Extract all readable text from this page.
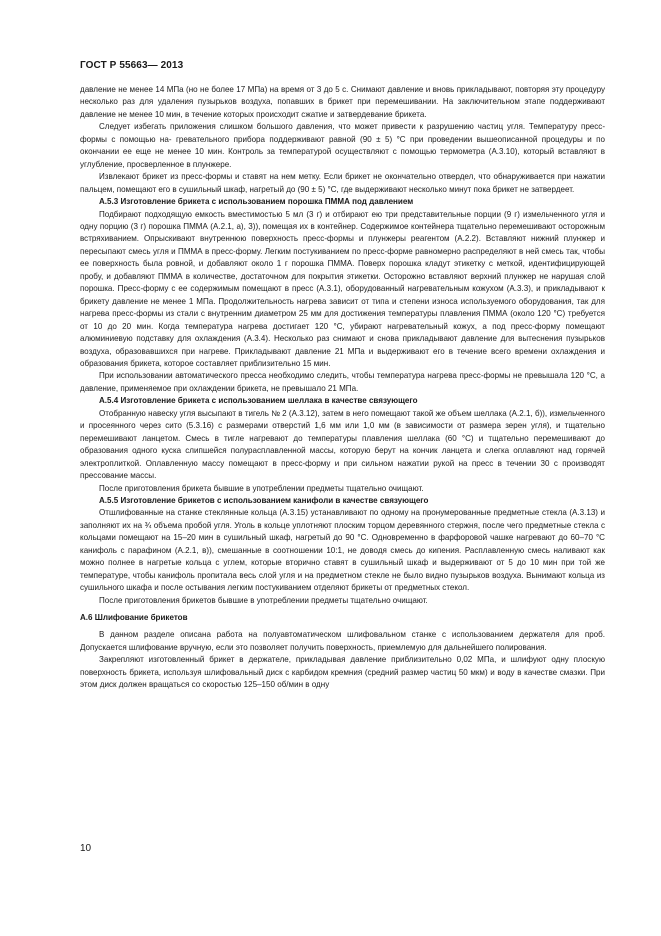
ГОСТ Р 55663— 2013

давление не менее 14 МПа (но не более 17 МПа) на время от 3 до 5 с. Снимают давление и вновь прикладывают, повторяя эту процедуру несколько раз для удаления пузырьков воздуха, попавших в брикет при перемешивании. На заключительном этапе поддерживают давление не менее 10 мин, в течение которых происходит сжатие и затвердевание брикета.

Следует избегать приложения слишком большого давления, что может привести к разрушению частиц угля. Температуру пресс-формы с помощью на- гревательного прибора поддерживают равной (90 ± 5) °С при проведении вышеописанной процедуры и по окончании ее еще не менее 10 мин. Контроль за температурой осуществляют с помощью термометра (А.3.10), который вставляют в углубление, просверленное в плунжере.

Извлекают брикет из пресс-формы и ставят на нем метку. Если брикет не окончательно отвердел, что обнаруживается при нажатии пальцем, помещают его в сушильный шкаф, нагретый до (90 ± 5) °С, где выдерживают несколько минут пока брикет не затвердеет.

А.5.3 Изготовление брикета с использованием порошка ПММА под давлением

Подбирают подходящую емкость вместимостью 5 мл (3 г) и отбирают ею три представительные порции (9 г) измельченного угля и одну порцию (3 г) порошка ПММА (А.2.1, а), 3)), помещая их в контейнер. Содержимое контейнера тщательно перемешивают осторожным встряхиванием. Опрыскивают внутреннюю поверхность пресс-формы и плунжеры реагентом (А.2.2). Вставляют нижний плунжер и пересыпают смесь угля и ПММА в пресс-форму. Легким постукиванием по пресс-форме равномерно распределяют в ней смесь так, чтобы ее поверхность была ровной, и добавляют около 1 г порошка ПММА. Поверх порошка кладут этикетку с меткой, идентифицирующей пробу, и добавляют ПММА в количестве, достаточном для покрытия этикетки. Осторожно вставляют верхний плунжер не нарушая слой порошка. Пресс-форму с ее содержимым помещают в пресс (А.3.1), оборудованный нагревательным кожухом (А.3.3), и прикладывают к брикету давление не менее 1 МПа. Продолжительность нагрева зависит от типа и степени износа используемого оборудования, так для нагрева пресс-формы из стали с внутренним диаметром 25 мм для достижения температуры плавления ПММА (около 120 °С) требуется от 10 до 20 мин. Когда температура нагрева достигает 120 °С, убирают нагревательный кожух, а под пресс-форму помещают алюминиевую подставку для охлаждения (А.3.4). Несколько раз снимают и снова прикладывают давление для вытеснения пузырьков воздуха, образовавшихся при нагреве. Прикладывают давление 21 МПа и выдерживают его в течение всего времени охлаждения и образования брикета, которое составляет приблизительно 15 мин.

При использовании автоматического пресса необходимо следить, чтобы температура нагрева пресс-формы не превышала 120 °С, а давление, применяемое при охлаждении брикета, не превышало 21 МПа.

А.5.4 Изготовление брикета с использованием шеллака в качестве связующего

Отобранную навеску угля высыпают в тигель № 2 (А.3.12), затем в него помещают такой же объем шеллака (А.2.1, б)), измельченного и просеянного через сито (5.3.16) с размерами отверстий 1,6 мм или 1,0 мм (в зависимости от размера зерен угля), и тщательно перемешивают ланцетом. Смесь в тигле нагревают до температуры плавления шеллака (60 °С) и тщательно перемешивают до образования одного куска слипшейся полурасплавленной массы, которую берут на кончик ланцета и слегка оплавляют над горячей электроплиткой. Оплавленную массу помещают в пресс-форму и при сильном нажатии рукой на пресс в течении 30 с производят прессование массы.

После приготовления брикета бывшие в употреблении предметы тщательно очищают.

А.5.5 Изготовление брикетов с использованием канифоли в качестве связующего

Отшлифованные на станке стеклянные кольца (А.3.15) устанавливают по одному на пронумерованные предметные стекла (А.3.13) и заполняют их на ¾ объема пробой угля. Уголь в кольце уплотняют плоским торцом деревянного стержня, после чего предметные стекла с кольцами помещают на 15–20 мин в сушильный шкаф, нагретый до 90 °С. Одновременно в фарфоровой чашке нагревают до 60–70 °С канифоль с парафином (А.2.1, в)), смешанные в соотношении 10:1, не доводя смесь до кипения. Расплавленную смесь наливают как можно полнее в нагретые кольца с углем, которые вторично ставят в сушильный шкаф и выдерживают от 5 до 10 мин при той же температуре, чтобы канифоль пропитала весь слой угля и на предметном стекле не было видно пузырьков воздуха. Вынимают кольца из сушильного шкафа и после остывания легким постукиванием отделяют брикеты от предметных стекол.

После приготовления брикетов бывшие в употреблении предметы тщательно очищают.

А.6 Шлифование брикетов

В данном разделе описана работа на полуавтоматическом шлифовальном станке с использованием держателя для проб. Допускается шлифование вручную, если это позволяет получить поверхность, приемлемую для дальнейшего полирования.

Закрепляют изготовленный брикет в держателе, прикладывая давление приблизительно 0,02 МПа, и шлифуют одну плоскую поверхность брикета, используя шлифовальный диск с карбидом кремния (средний размер частиц 50 мкм) и воду в качестве смазки. При этом диск должен вращаться со скоростью 125–150 об/мин в одну

10
